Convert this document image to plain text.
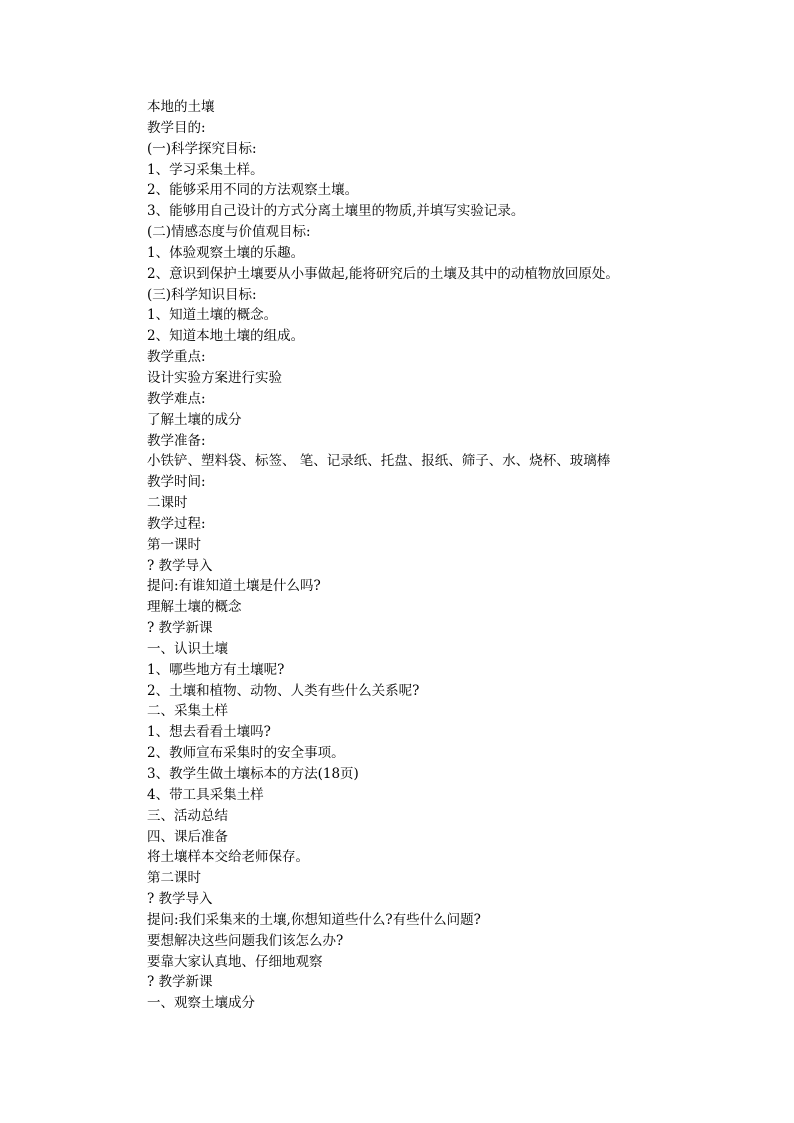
本地的土壤
教学目的:
(一)科学探究目标:
1、学习采集土样。
2、能够采用不同的方法观察土壤。
3、能够用自己设计的方式分离土壤里的物质,并填写实验记录。
(二)情感态度与价值观目标:
1、体验观察土壤的乐趣。
2、意识到保护土壤要从小事做起,能将研究后的土壤及其中的动植物放回原处。
(三)科学知识目标:
1、知道土壤的概念。
2、知道本地土壤的组成。
教学重点:
设计实验方案进行实验
教学难点:
了解土壤的成分
教学准备:
小铁铲、塑料袋、标签、 笔、记录纸、托盘、报纸、筛子、水、烧杯、玻璃棒
教学时间:
二课时
教学过程:
第一课时
? 教学导入
提问:有谁知道土壤是什么吗?
理解土壤的概念
? 教学新课
一、认识土壤
1、哪些地方有土壤呢?
2、土壤和植物、动物、人类有些什么关系呢?
二、采集土样
1、想去看看土壤吗?
2、教师宣布采集时的安全事项。
3、教学生做土壤标本的方法(18页)
4、带工具采集土样
三、活动总结
四、课后准备
将土壤样本交给老师保存。
第二课时
? 教学导入
提问:我们采集来的土壤,你想知道些什么?有些什么问题?
要想解决这些问题我们该怎么办?
要靠大家认真地、仔细地观察
? 教学新课
一、观察土壤成分
